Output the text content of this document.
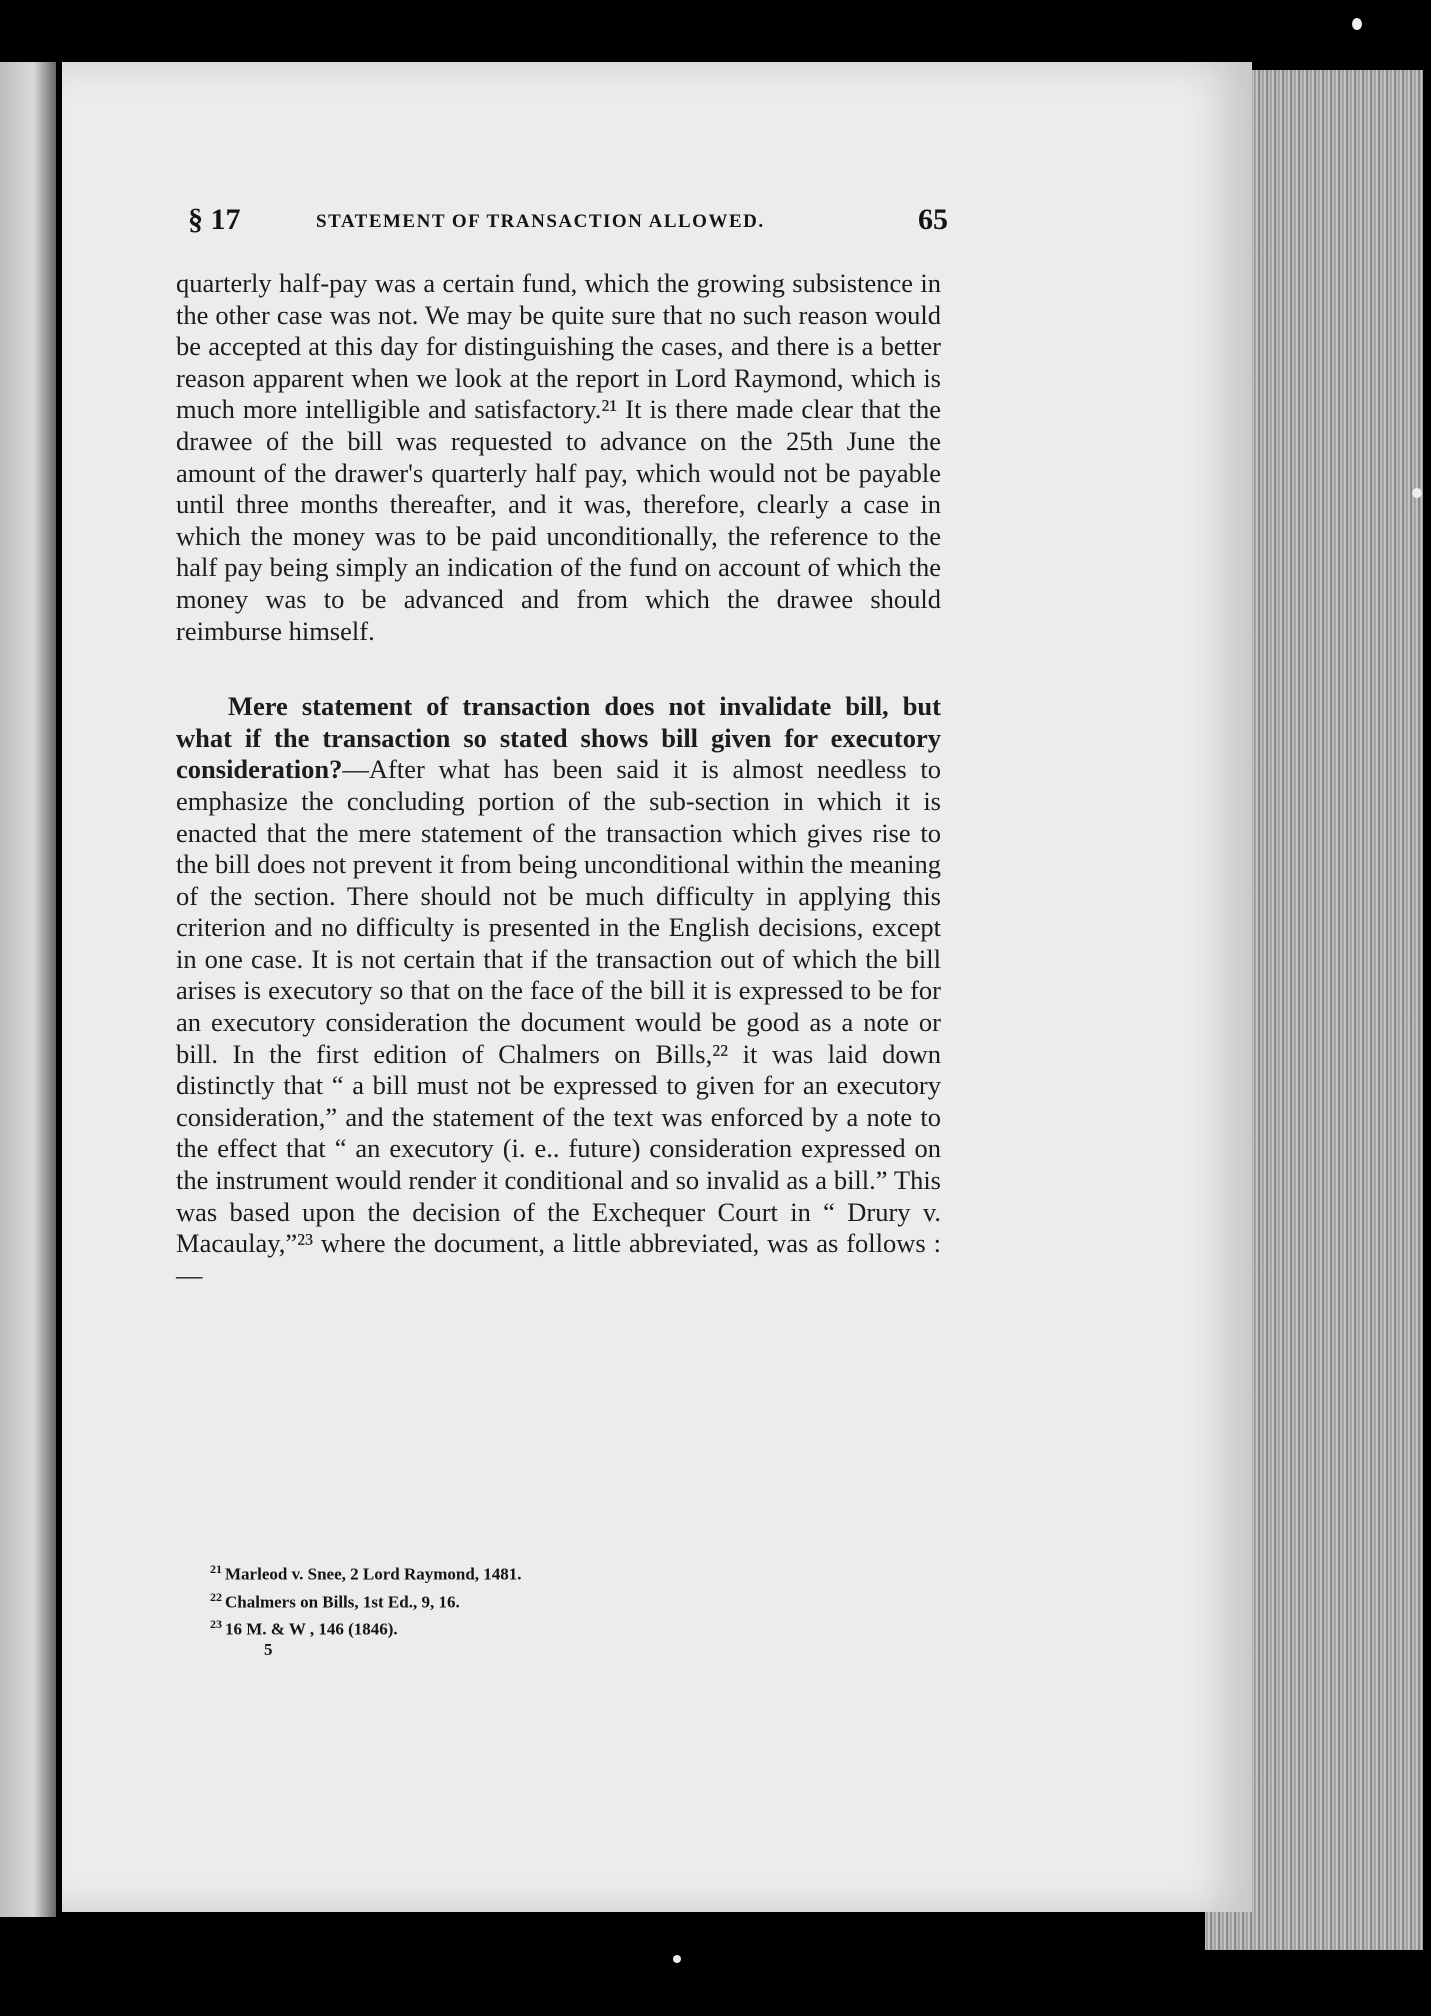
§ 17	STATEMENT OF TRANSACTION ALLOWED.	65

quarterly half-pay was a certain fund, which the growing subsistence in the other case was not. We may be quite sure that no such reason would be accepted at this day for distinguishing the cases, and there is a better reason apparent when we look at the report in Lord Raymond, which is much more intelligible and satisfactory.²¹ It is there made clear that the drawee of the bill was requested to advance on the 25th June the amount of the drawer's quarterly half pay, which would not be payable until three months thereafter, and it was, therefore, clearly a case in which the money was to be paid unconditionally, the reference to the half pay being simply an indication of the fund on account of which the money was to be advanced and from which the drawee should reimburse himself.

Mere statement of transaction does not invalidate bill, but what if the transaction so stated shows bill given for executory consideration?—After what has been said it is almost needless to emphasize the concluding portion of the sub-section in which it is enacted that the mere statement of the transaction which gives rise to the bill does not prevent it from being unconditional within the meaning of the section. There should not be much difficulty in applying this criterion and no difficulty is presented in the English decisions, except in one case. It is not certain that if the transaction out of which the bill arises is executory so that on the face of the bill it is expressed to be for an executory consideration the document would be good as a note or bill. In the first edition of Chalmers on Bills,²² it was laid down distinctly that “ a bill must not be expressed to given for an executory consideration,” and the statement of the text was enforced by a note to the effect that “ an executory (i. e.. future) consideration expressed on the instrument would render it conditional and so invalid as a bill.” This was based upon the decision of the Exchequer Court in “ Drury v. Macaulay,”²³ where the document, a little abbreviated, was as follows :—

$^{21}$ Marleod v. Snee, 2 Lord Raymond, 1481.
$^{22}$ Chalmers on Bills, 1st Ed., 9, 16.
$^{23}$ 16 M. & W , 146 (1846).
5
